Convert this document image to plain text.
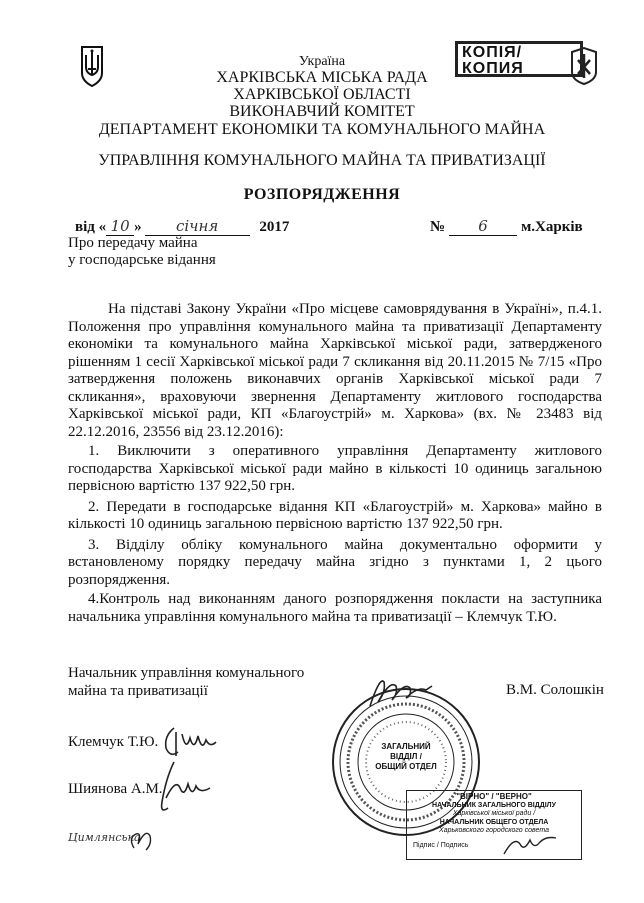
КОПІЯ/
КОПИЯ
Україна
ХАРКІВСЬКА МІСЬКА РАДА
ХАРКІВСЬКОЇ ОБЛАСТІ
ВИКОНАВЧИЙ КОМІТЕТ
ДЕПАРТАМЕНТ ЕКОНОМІКИ ТА КОМУНАЛЬНОГО МАЙНА
УПРАВЛІННЯ КОМУНАЛЬНОГО МАЙНА ТА ПРИВАТИЗАЦІЇ
РОЗПОРЯДЖЕННЯ
від « 10 » січня	2017	№ 6 м.Харків
Про передачу майна
у господарське відання
На підставі Закону України «Про місцеве самоврядування в Україні», п.4.1. Положення про управління комунального майна та приватизації Департаменту економіки та комунального майна Харківської міської ради, затвердженого рішенням 1 сесії Харківської міської ради 7 скликання від 20.11.2015 № 7/15 «Про затвердження положень виконавчих органів Харківської міської ради 7 скликання», враховуючи звернення Департаменту житлового господарства Харківської міської ради, КП «Благоустрій» м. Харкова» (вх. № 23483 від 22.12.2016, 23556 від 23.12.2016):
1. Виключити з оперативного управління Департаменту житлового господарства Харківської міської ради майно в кількості 10 одиниць загальною первісною вартістю 137 922,50 грн.
2. Передати в господарське відання КП «Благоустрій» м. Харкова» майно в кількості 10 одиниць загальною первісною вартістю 137 922,50 грн.
3. Відділу обліку комунального майна документально оформити у встановленому порядку передачу майна згідно з пунктами 1, 2 цього розпорядження.
4.Контроль над виконанням даного розпорядження покласти на заступника начальника управління комунального майна та приватизації – Клемчук Т.Ю.
Начальник управління комунального
майна та приватизації	В.М. Солошкін
Клемчук Т.Ю.
Шиянова А.М.
Цимлянська
ЗАГАЛЬНИЙ
ВІДДІЛ /
ОБЩИЙ ОТДЕЛ
"ВІРНО" / "ВЕРНО"
НАЧАЛЬНИК ЗАГАЛЬНОГО ВІДДІЛУ
Харківської міської ради /
НАЧАЛЬНИК ОБЩЕГО ОТДЕЛА
Харьковского городского совета
Підпис / Подпись
